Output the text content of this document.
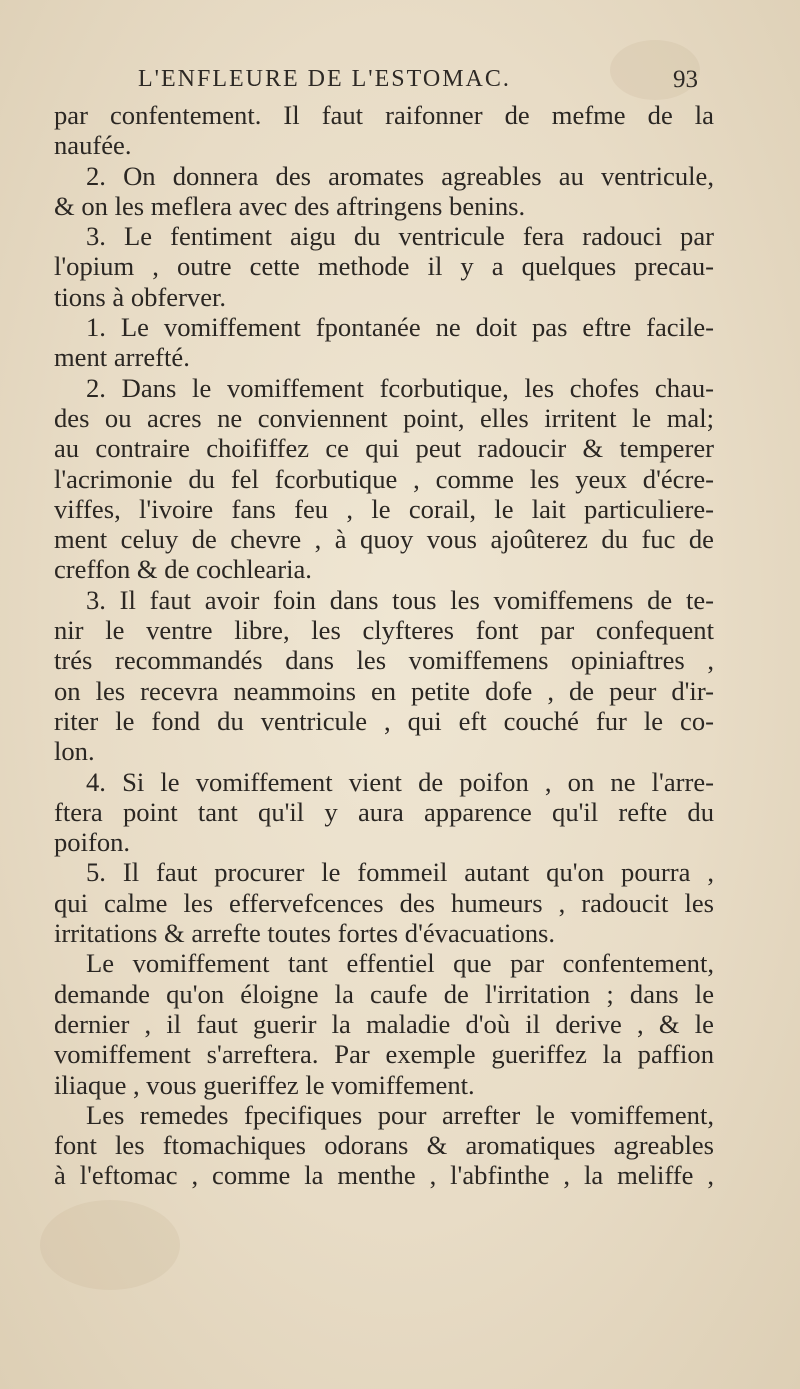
L'ENFLEURE DE L'ESTOMAC.	93
par confentement. Il faut raifonner de mefme de la
naufée.
2. On donnera des aromates agreables au ventricule,
& on les meflera avec des aftringens benins.
3. Le fentiment aigu du ventricule fera radouci par
l'opium , outre cette methode il y a quelques precau-
tions à obferver.
1. Le vomiffement fpontanée ne doit pas eftre facile-
ment arrefté.
2. Dans le vomiffement fcorbutique, les chofes chau-
des ou acres ne conviennent point, elles irritent le mal;
au contraire choififfez ce qui peut radoucir & temperer
l'acrimonie du fel fcorbutique , comme les yeux d'écre-
viffes, l'ivoire fans feu , le corail, le lait particuliere-
ment celuy de chevre , à quoy vous ajoûterez du fuc de
creffon & de cochlearia.
3. Il faut avoir foin dans tous les vomiffemens de te-
nir le ventre libre, les clyfteres font par confequent
trés recommandés dans les vomiffemens opiniaftres ,
on les recevra neammoins en petite dofe , de peur d'ir-
riter le fond du ventricule , qui eft couché fur le co-
lon.
4. Si le vomiffement vient de poifon , on ne l'arre-
ftera point tant qu'il y aura apparence qu'il refte du
poifon.
5. Il faut procurer le fommeil autant qu'on pourra ,
qui calme les effervefcences des humeurs , radoucit les
irritations & arrefte toutes fortes d'évacuations.
Le vomiffement tant effentiel que par confentement,
demande qu'on éloigne la caufe de l'irritation ; dans le
dernier , il faut guerir la maladie d'où il derive , & le
vomiffement s'arreftera. Par exemple gueriffez la paffion
iliaque , vous gueriffez le vomiffement.
Les remedes fpecifiques pour arrefter le vomiffement,
font les ftomachiques odorans & aromatiques agreables
à l'eftomac , comme la menthe , l'abfinthe , la meliffe ,
